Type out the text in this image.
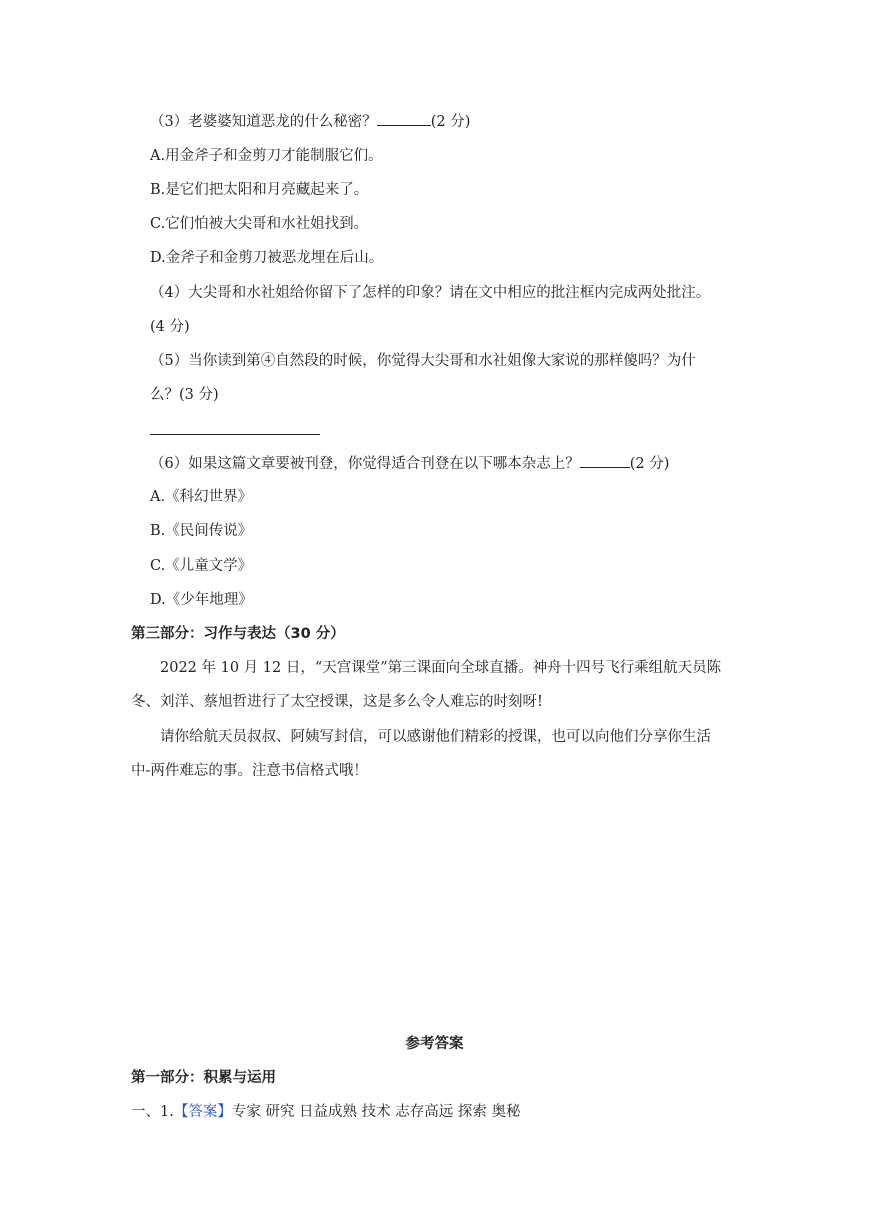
（3）老婆婆知道恶龙的什么秘密？	(2 分)
A.用金斧子和金剪刀才能制服它们。
B.是它们把太阳和月亮藏起来了。
C.它们怕被大尖哥和水社姐找到。
D.金斧子和金剪刀被恶龙埋在后山。
（4）大尖哥和水社姐给你留下了怎样的印象？请在文中相应的批注框内完成两处批注。
(4 分)
（5）当你读到第④自然段的时候，你觉得大尖哥和水社姐像大家说的那样傻吗？为什
么？(3 分)
（6）如果这篇文章要被刊登，你觉得适合刊登在以下哪本杂志上？	(2 分)
A.《科幻世界》
B.《民间传说》
C.《儿童文学》
D.《少年地理》
第三部分：习作与表达（30 分）
2022 年 10 月 12 日，“天宫课堂”第三课面向全球直播。神舟十四号飞行乘组航天员陈
冬、刘洋、蔡旭哲进行了太空授课，这是多么令人难忘的时刻呀!
请你给航天员叔叔、阿姨写封信，可以感谢他们精彩的授课，也可以向他们分享你生活
中-两件难忘的事。注意书信格式哦！
参考答案
第一部分：积累与运用
一、1.【答案】专家 研究 日益成熟 技术 志存高远 探索 奥秘
